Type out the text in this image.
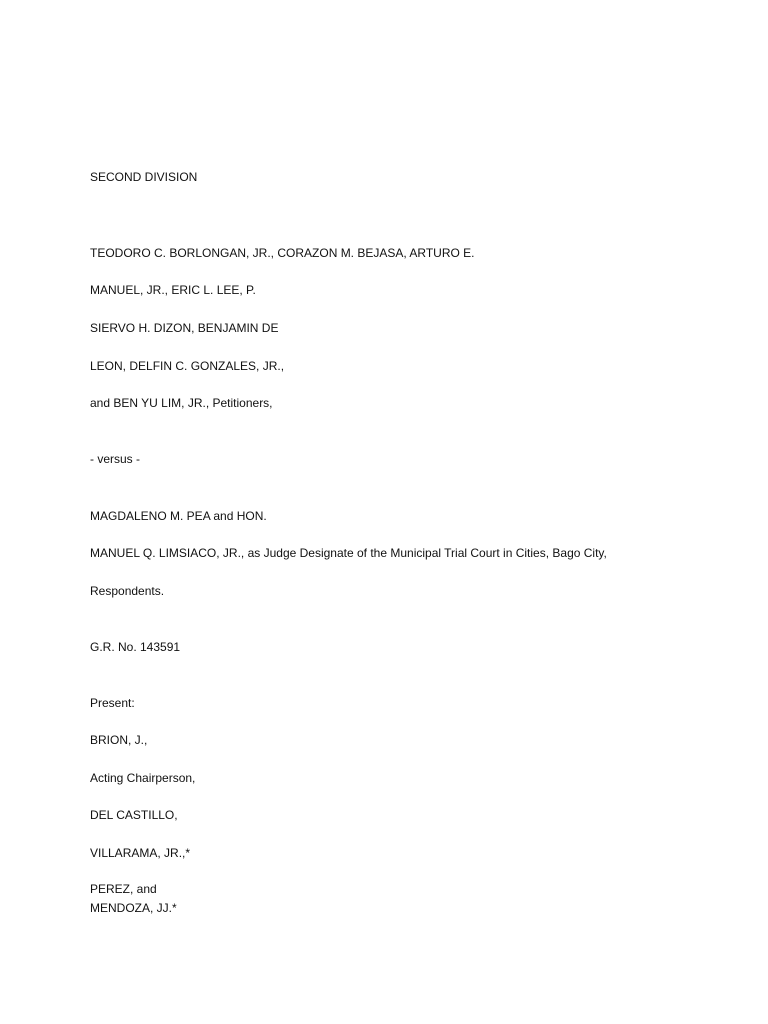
SECOND DIVISION
TEODORO C. BORLONGAN, JR., CORAZON M. BEJASA, ARTURO E.
MANUEL, JR., ERIC L. LEE, P.
SIERVO H. DIZON, BENJAMIN DE
LEON, DELFIN C. GONZALES, JR.,
and BEN YU LIM, JR., Petitioners,
- versus -
MAGDALENO M. PEA and HON.
MANUEL Q. LIMSIACO, JR., as Judge Designate of the Municipal Trial Court in Cities, Bago City,
Respondents.
G.R. No. 143591
Present:
BRION, J.,
Acting Chairperson,
DEL CASTILLO,
VILLARAMA, JR.,*
PEREZ, and
MENDOZA, JJ.*
